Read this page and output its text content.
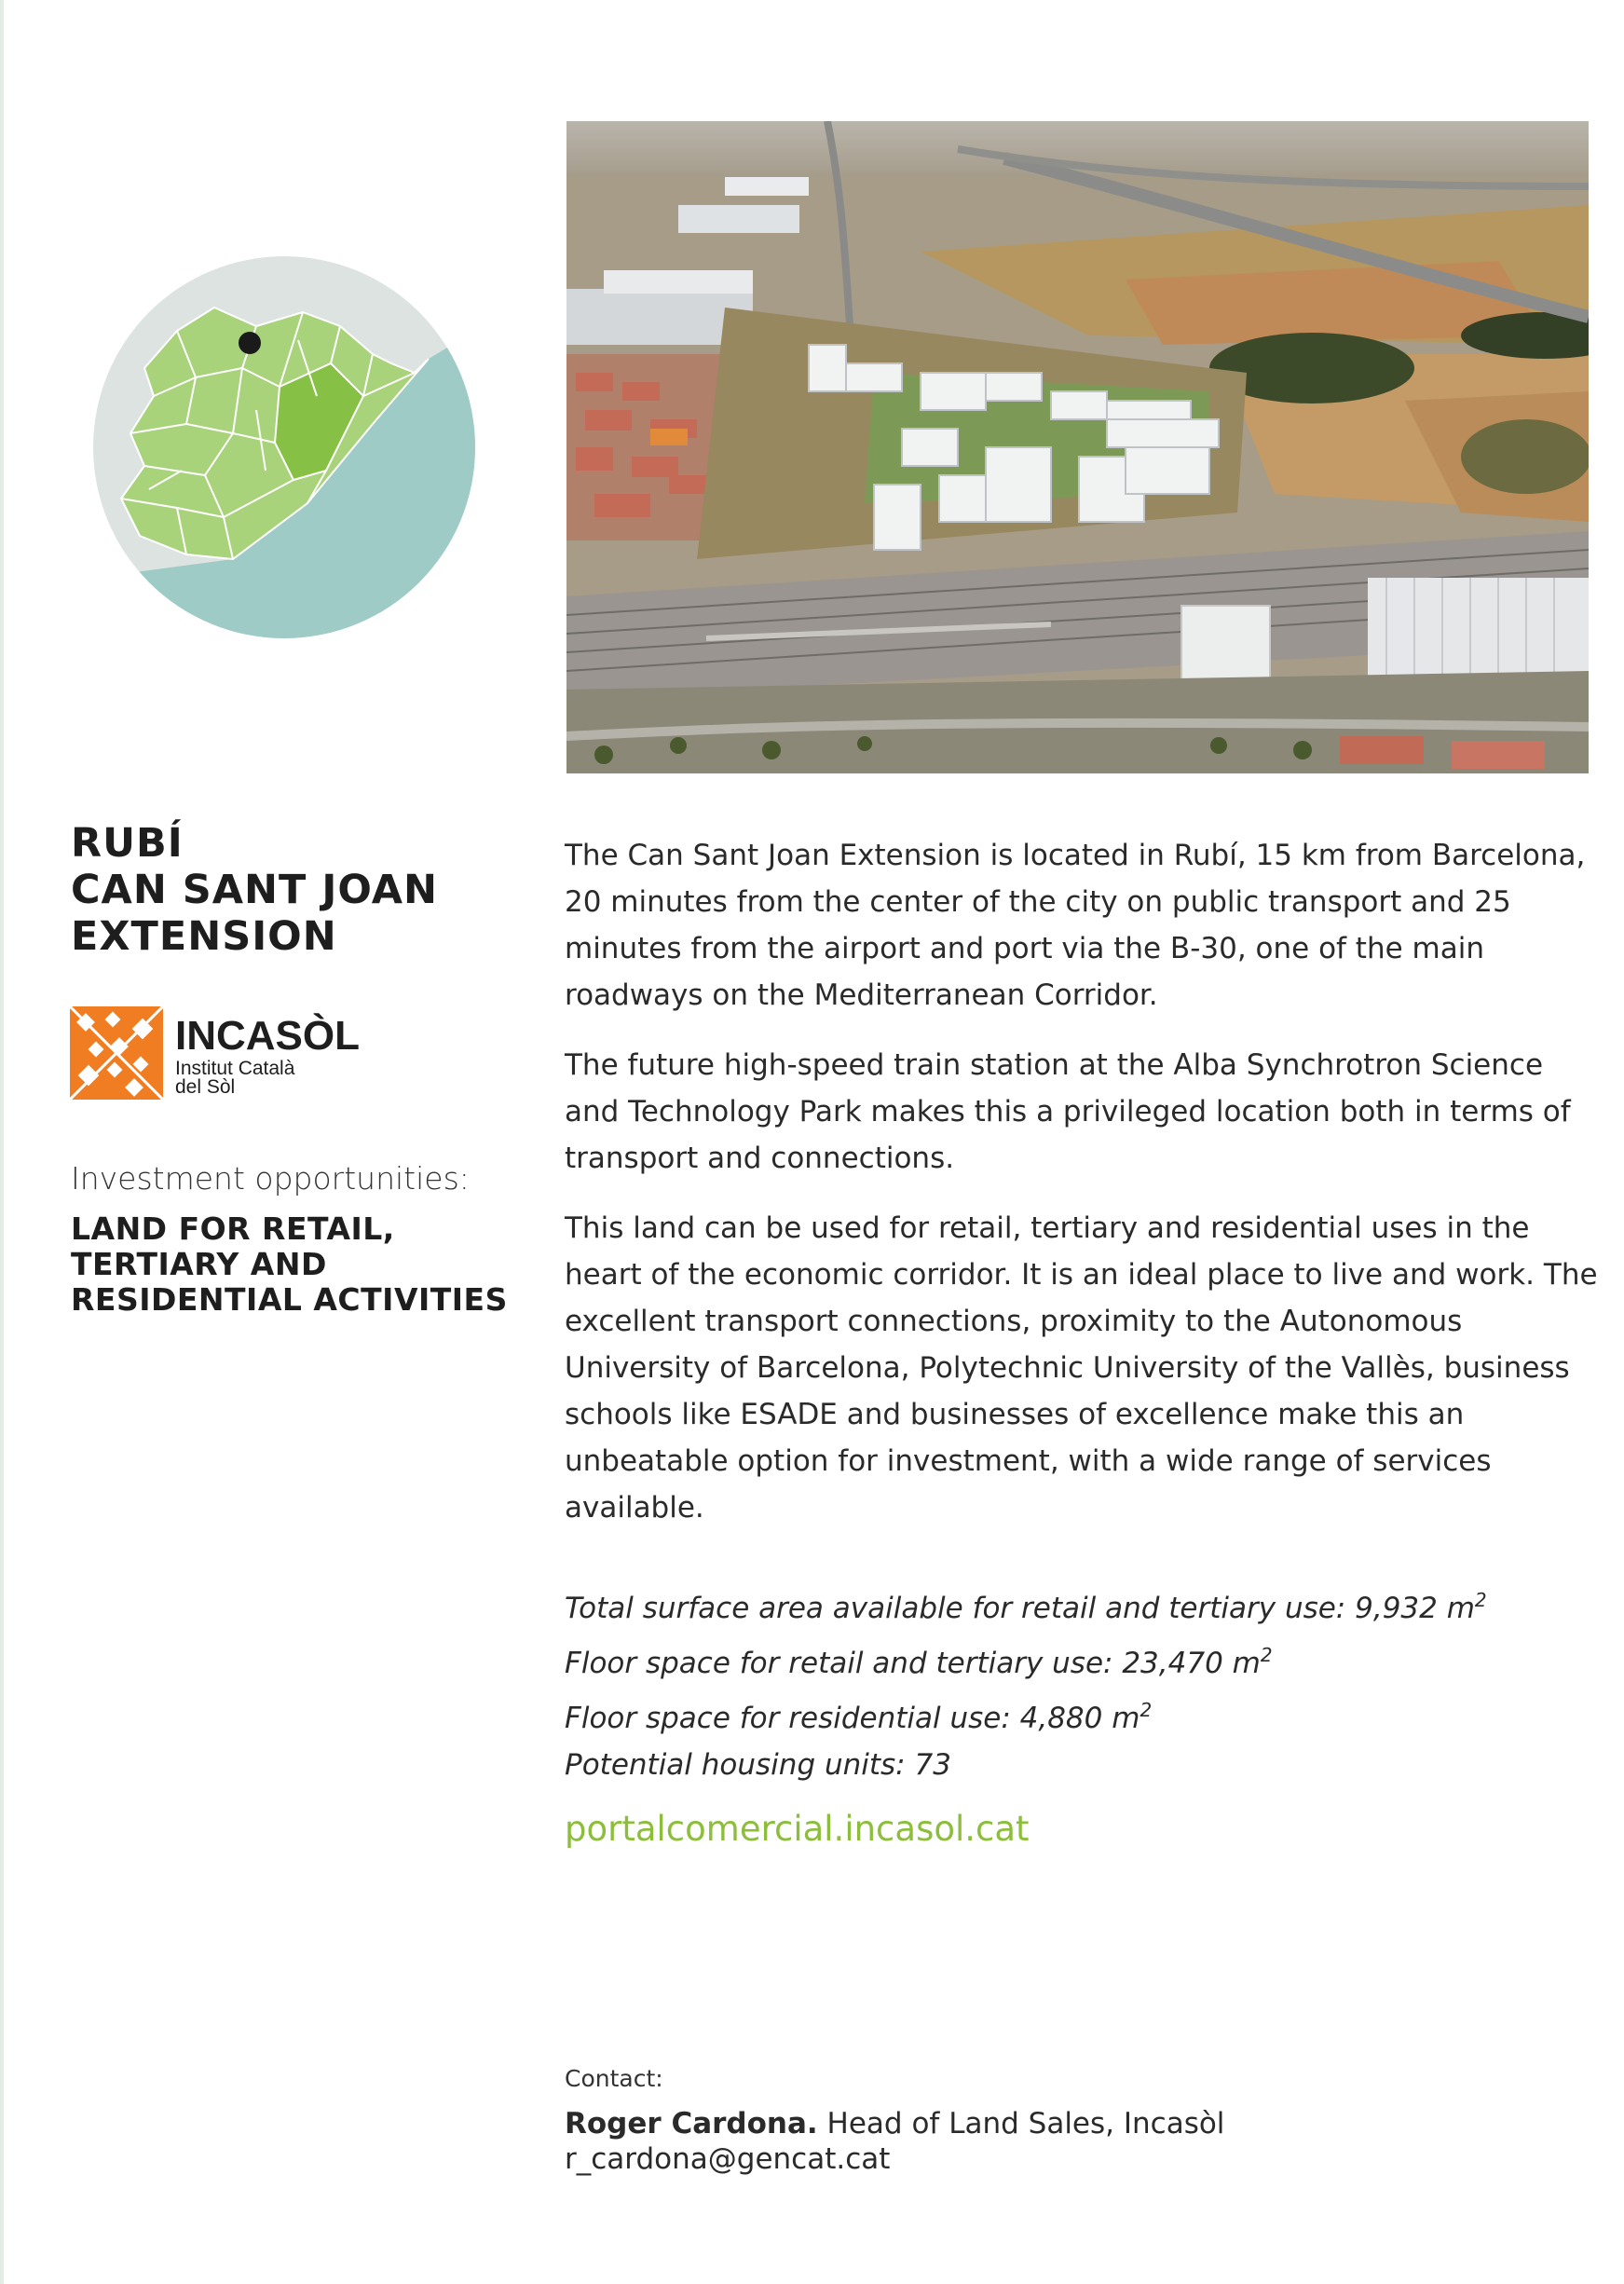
RUBÍ
CAN SANT JOAN
EXTENSION
INCASÒL
Institut Català
del Sòl
Investment opportunities:
LAND FOR RETAIL,
TERTIARY AND
RESIDENTIAL ACTIVITIES

The Can Sant Joan Extension is located in Rubí, 15 km from Barcelona, 20 minutes from the center of the city on public transport and 25 minutes from the airport and port via the B-30, one of the main roadways on the Mediterranean Corridor.

The future high-speed train station at the Alba Synchrotron Science and Technology Park makes this a privileged location both in terms of transport and connections.

This land can be used for retail, tertiary and residential uses in the heart of the economic corridor. It is an ideal place to live and work. The excellent transport connections, proximity to the Autonomous University of Barcelona, Polytechnic University of the Vallès, business schools like ESADE and businesses of excellence make this an unbeatable option for investment, with a wide range of services available.

Total surface area available for retail and tertiary use: 9,932 $m^2$
Floor space for retail and tertiary use: 23,470 $m^2$
Floor space for residential use: 4,880 $m^2$
Potential housing units: 73
portalcomercial.incasol.cat
Contact:
Roger Cardona. Head of Land Sales, Incasòl
r_cardona@gencat.cat
